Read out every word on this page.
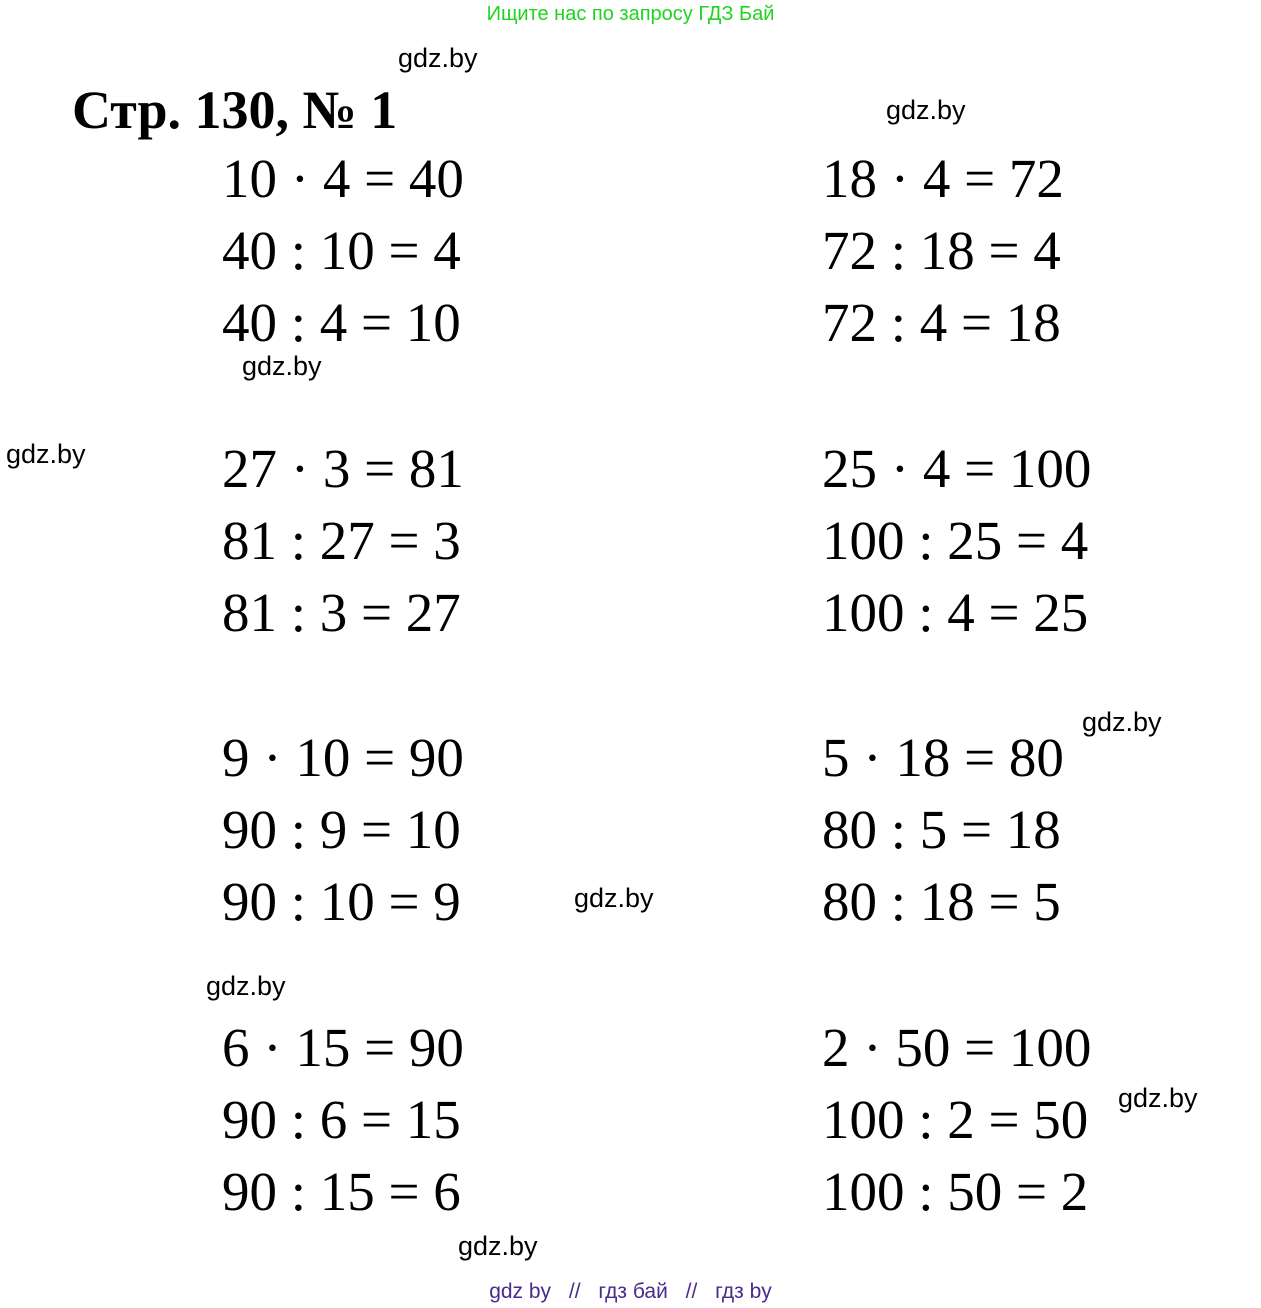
Ищите нас по запросу ГДЗ Бай
Стр. 130, № 1
gdz.by
gdz.by
gdz.by
gdz.by
gdz.by
gdz.by
gdz.by
gdz.by
gdz.by
10 · 4 = 40
40 : 10 = 4
40 : 4 = 10
18 · 4 = 72
72 : 18 = 4
72 : 4 = 18
27 · 3 = 81
81 : 27 = 3
81 : 3 = 27
25 · 4 = 100
100 : 25 = 4
100 : 4 = 25
9 · 10 = 90
90 : 9 = 10
90 : 10 = 9
5 · 18 = 80
80 : 5 = 18
80 : 18 = 5
6 · 15 = 90
90 : 6 = 15
90 : 15 = 6
2 · 50 = 100
100 : 2 = 50
100 : 50 = 2
gdz by // гдз бай // гдз by
